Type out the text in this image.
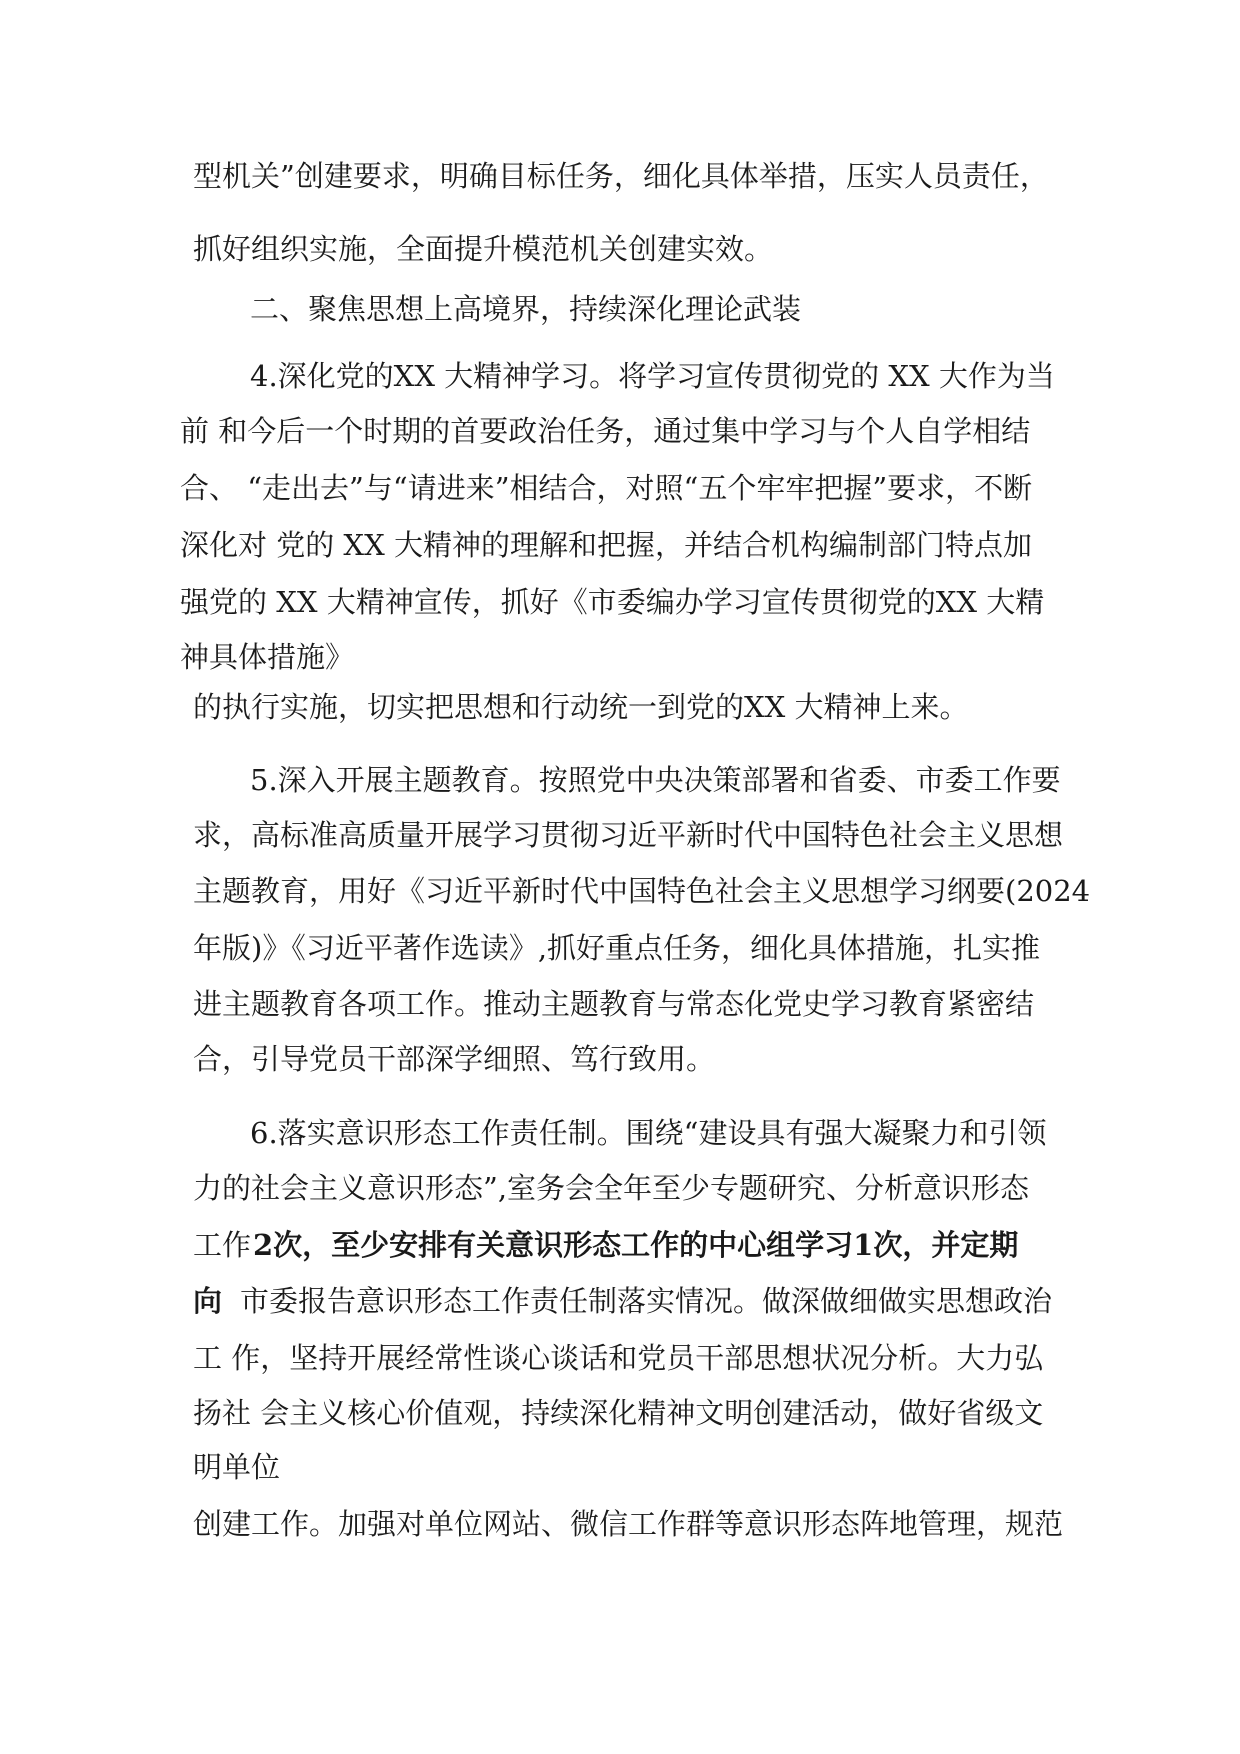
型机关”创建要求，明确目标任务，细化具体举措，压实人员责任，
抓好组织实施，全面提升模范机关创建实效。
二、聚焦思想上高境界，持续深化理论武装
4.深化党的XX 大精神学习。将学习宣传贯彻党的 XX 大作为当
前 和今后一个时期的首要政治任务，通过集中学习与个人自学相结
合、 “走出去”与“请进来”相结合，对照“五个牢牢把握”要求，不断
深化对 党的 XX 大精神的理解和把握，并结合机构编制部门特点加
强党的 XX 大精神宣传，抓好《市委编办学习宣传贯彻党的XX 大精
神具体措施》
的执行实施，切实把思想和行动统一到党的XX 大精神上来。
5.深入开展主题教育。按照党中央决策部署和省委、市委工作要
求，高标准高质量开展学习贯彻习近平新时代中国特色社会主义思想
主题教育，用好《习近平新时代中国特色社会主义思想学习纲要(2024
年版)》《习近平著作选读》,抓好重点任务，细化具体措施，扎实推
进主题教育各项工作。推动主题教育与常态化党史学习教育紧密结
合，引导党员干部深学细照、笃行致用。
6.落实意识形态工作责任制。围绕“建设具有强大凝聚力和引领
力的社会主义意识形态”,室务会全年至少专题研究、分析意识形态
工作 2次，至少安排有关意识形态工作的中心组学习1次，并定期
向 市委报告意识形态工作责任制落实情况。做深做细做实思想政治
工 作，坚持开展经常性谈心谈话和党员干部思想状况分析。大力弘
扬社 会主义核心价值观，持续深化精神文明创建活动，做好省级文
明单位
创建工作。加强对单位网站、微信工作群等意识形态阵地管理，规范
